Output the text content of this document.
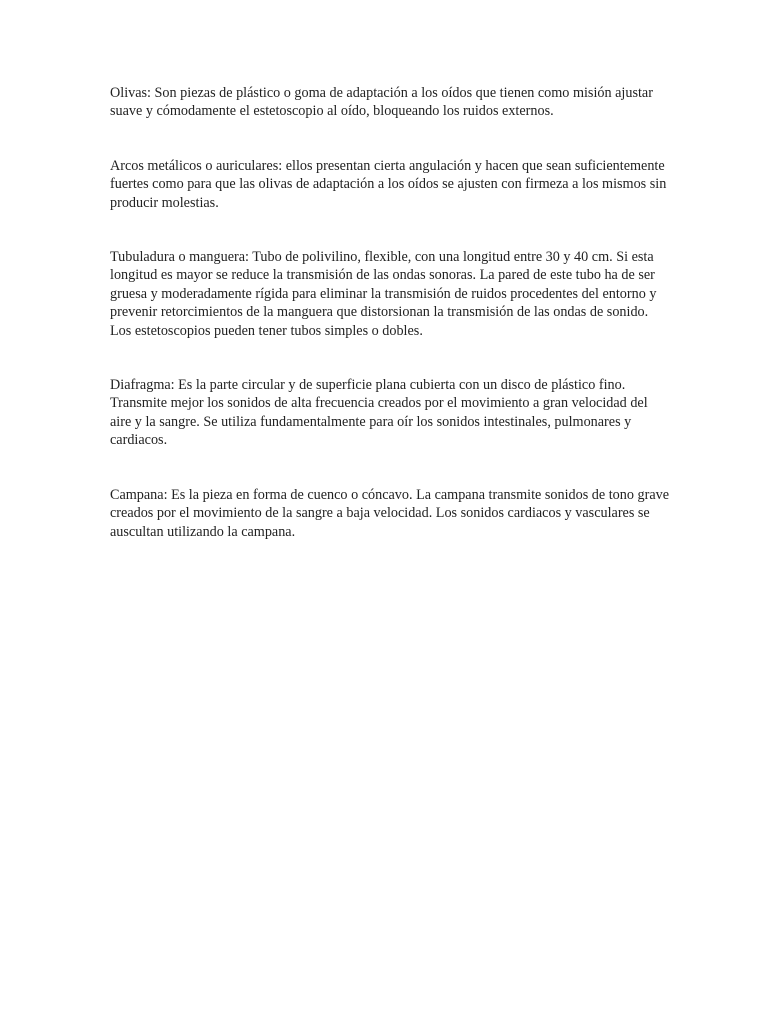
Olivas: Son piezas de plástico o goma de adaptación a los oídos que tienen como misión ajustar suave y cómodamente el estetoscopio al oído, bloqueando los ruidos externos.

Arcos metálicos o auriculares: ellos presentan cierta angulación y hacen que sean suficientemente fuertes como para que las olivas de adaptación a los oídos se ajusten con firmeza a los mismos sin producir molestias.

Tubuladura o manguera: Tubo de polivilino, flexible, con una longitud entre 30 y 40 cm. Si esta longitud es mayor se reduce la transmisión de las ondas sonoras. La pared de este tubo ha de ser gruesa y moderadamente rígida para eliminar la transmisión de ruidos procedentes del entorno y prevenir retorcimientos de la manguera que distorsionan la transmisión de las ondas de sonido. Los estetoscopios pueden tener tubos simples o dobles.

Diafragma: Es la parte circular y de superficie plana cubierta con un disco de plástico fino. Transmite mejor los sonidos de alta frecuencia creados por el movimiento a gran velocidad del aire y la sangre. Se utiliza fundamentalmente para oír los sonidos intestinales, pulmonares y cardiacos.

Campana: Es la pieza en forma de cuenco o cóncavo. La campana transmite sonidos de tono grave creados por el movimiento de la sangre a baja velocidad. Los sonidos cardiacos y vasculares se auscultan utilizando la campana.
